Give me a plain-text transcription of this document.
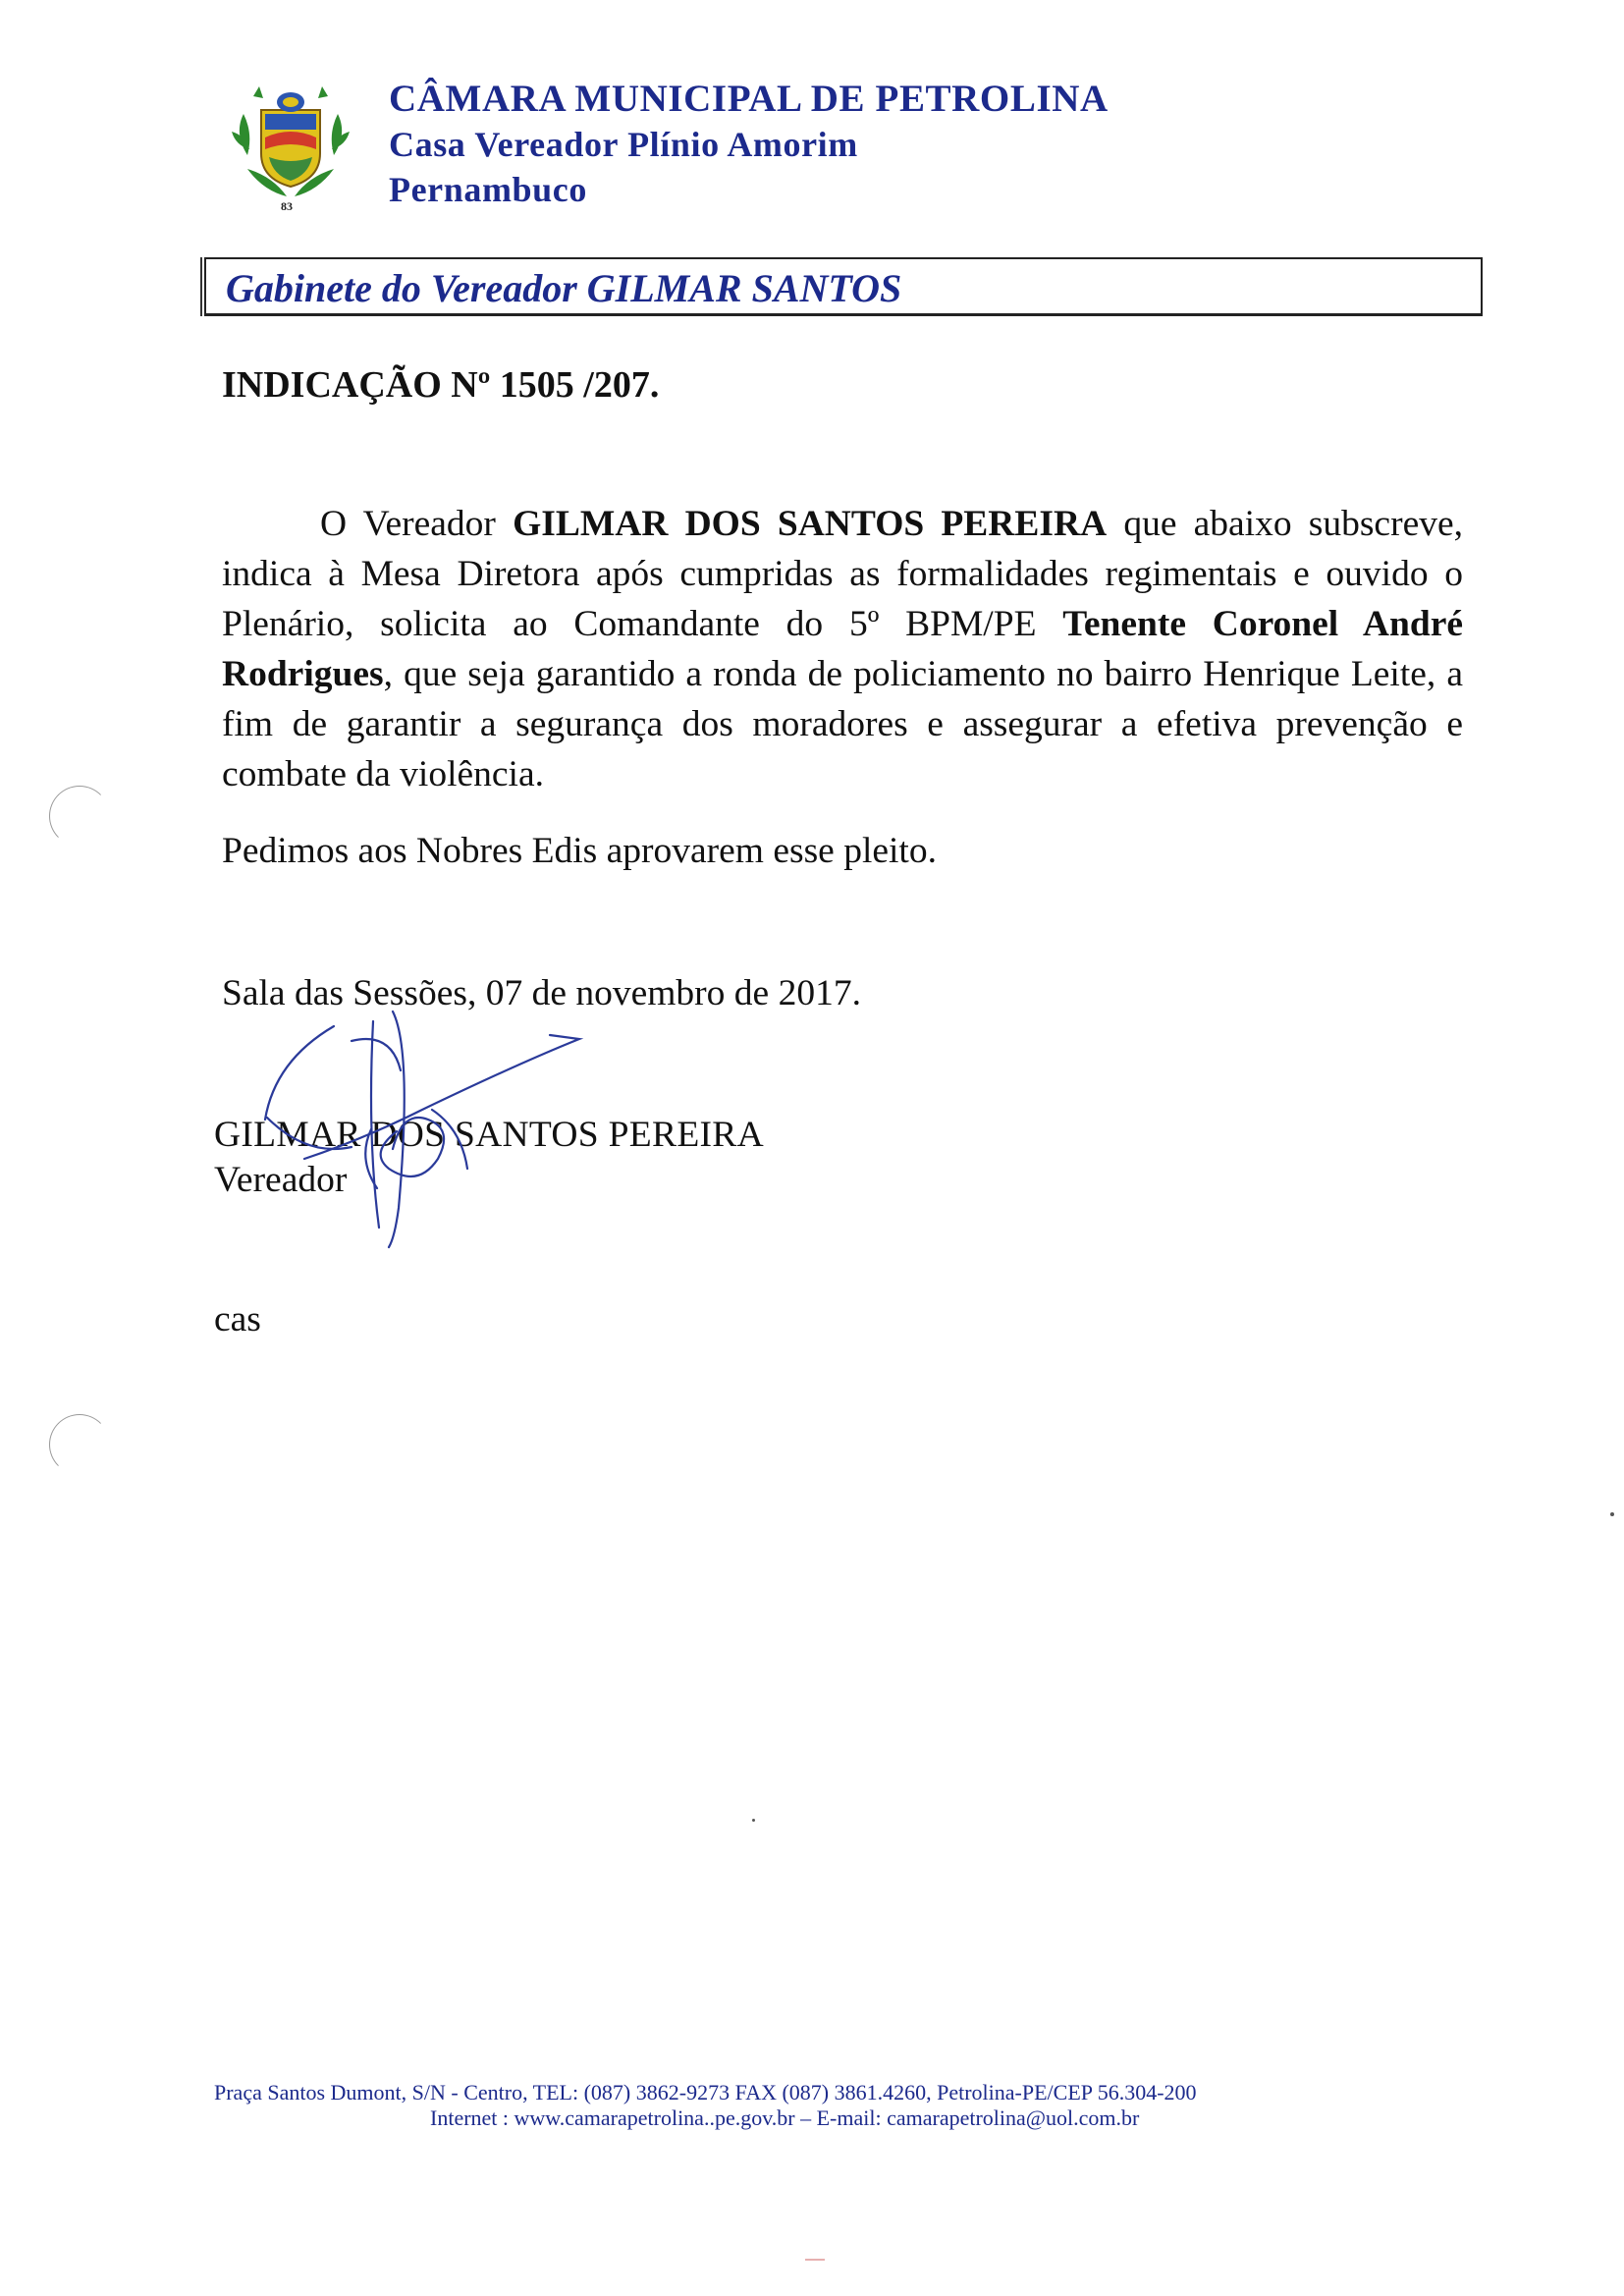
83
CÂMARA MUNICIPAL DE PETROLINA
Casa Vereador Plínio Amorim
Pernambuco
Gabinete do Vereador GILMAR SANTOS
INDICAÇÃO Nº 1505 /207.
O Vereador GILMAR DOS SANTOS PEREIRA que abaixo subscreve, indica à Mesa Diretora após cumpridas as formalidades regimentais e ouvido o Plenário, solicita ao Comandante do 5º BPM/PE Tenente Coronel André Rodrigues, que seja garantido a ronda de policiamento no bairro Henrique Leite, a fim de garantir a segurança dos moradores e assegurar a efetiva prevenção e combate da violência.
Pedimos aos Nobres Edis aprovarem esse pleito.
Sala das Sessões, 07 de novembro de 2017.
GILMAR DOS SANTOS PEREIRA
Vereador
cas
Praça Santos Dumont, S/N - Centro, TEL: (087) 3862-9273 FAX (087) 3861.4260, Petrolina-PE/CEP 56.304-200
Internet : www.camarapetrolina..pe.gov.br – E-mail: camarapetrolina@uol.com.br
